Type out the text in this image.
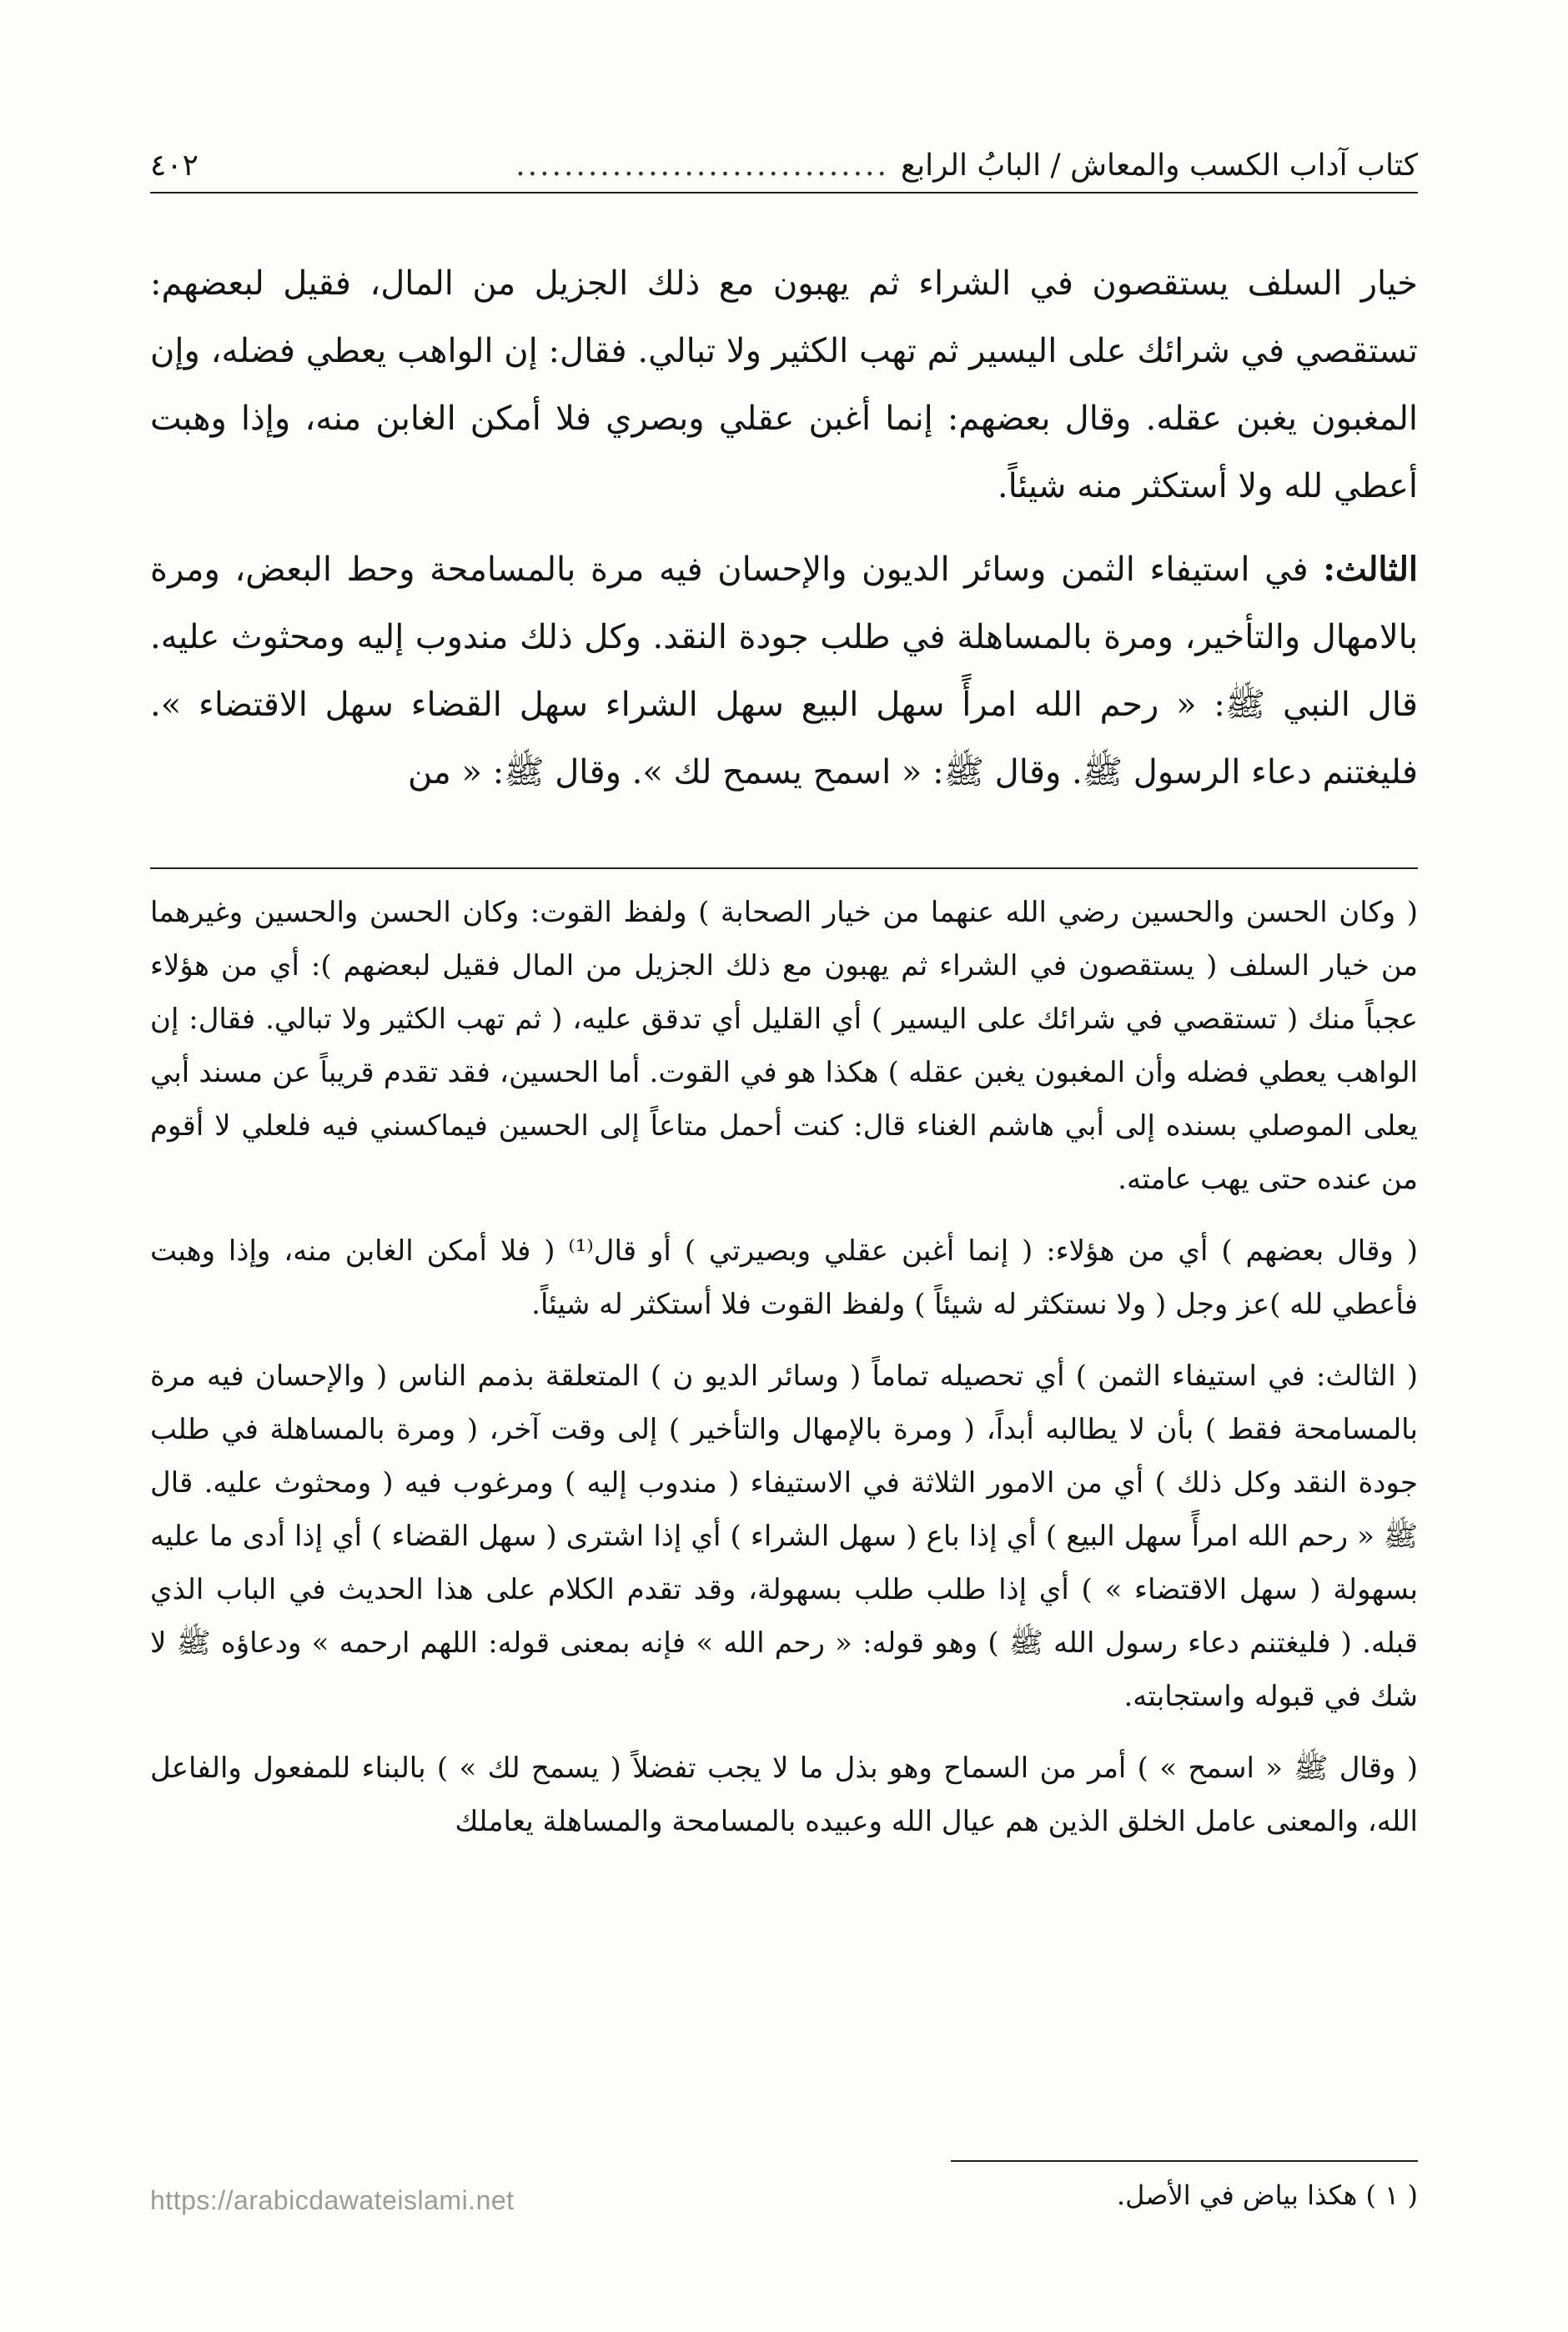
كتاب آداب الكسب والمعاش / البابُ الرابع
...............................
٤٠٢

خيار السلف يستقصون في الشراء ثم يهبون مع ذلك الجزيل من المال، فقيل لبعضهم: تستقصي في شرائك على اليسير ثم تهب الكثير ولا تبالي. فقال: إن الواهب يعطي فضله، وإن المغبون يغبن عقله. وقال بعضهم: إنما أغبن عقلي وبصري فلا أمكن الغابن منه، وإذا وهبت أعطي لله ولا أستكثر منه شيئاً.

الثالث: في استيفاء الثمن وسائر الديون والإحسان فيه مرة بالمسامحة وحط البعض، ومرة بالامهال والتأخير، ومرة بالمساهلة في طلب جودة النقد. وكل ذلك مندوب إليه ومحثوث عليه. قال النبي ﷺ: « رحم الله امرأً سهل البيع سهل الشراء سهل القضاء سهل الاقتضاء ». فليغتنم دعاء الرسول ﷺ. وقال ﷺ: « اسمح يسمح لك ». وقال ﷺ: « من

( وكان الحسن والحسين رضي الله عنهما من خيار الصحابة ) ولفظ القوت: وكان الحسن والحسين وغيرهما من خيار السلف ( يستقصون في الشراء ثم يهبون مع ذلك الجزيل من المال فقيل لبعضهم ): أي من هؤلاء عجباً منك ( تستقصي في شرائك على اليسير ) أي القليل أي تدقق عليه، ( ثم تهب الكثير ولا تبالي. فقال: إن الواهب يعطي فضله وأن المغبون يغبن عقله ) هكذا هو في القوت. أما الحسين، فقد تقدم قريباً عن مسند أبي يعلى الموصلي بسنده إلى أبي هاشم الغناء قال: كنت أحمل متاعاً إلى الحسين فيماكسني فيه فلعلي لا أقوم من عنده حتى يهب عامته.

( وقال بعضهم ) أي من هؤلاء: ( إنما أغبن عقلي وبصيرتي ) أو قال⁽¹⁾ ( فلا أمكن الغابن منه، وإذا وهبت فأعطي لله )عز وجل ( ولا نستكثر له شيئاً ) ولفظ القوت فلا أستكثر له شيئاً.

( الثالث: في استيفاء الثمن ) أي تحصيله تماماً ( وسائر الديو ن ) المتعلقة بذمم الناس ( والإحسان فيه مرة بالمسامحة فقط ) بأن لا يطالبه أبداً، ( ومرة بالإمهال والتأخير ) إلى وقت آخر، ( ومرة بالمساهلة في طلب جودة النقد وكل ذلك ) أي من الامور الثلاثة في الاستيفاء ( مندوب إليه ) ومرغوب فيه ( ومحثوث عليه. قال ﷺ « رحم الله امرأً سهل البيع ) أي إذا باع ( سهل الشراء ) أي إذا اشترى ( سهل القضاء ) أي إذا أدى ما عليه بسهولة ( سهل الاقتضاء » ) أي إذا طلب طلب بسهولة، وقد تقدم الكلام على هذا الحديث في الباب الذي قبله. ( فليغتنم دعاء رسول الله ﷺ ) وهو قوله: « رحم الله » فإنه بمعنى قوله: اللهم ارحمه » ودعاؤه ﷺ لا شك في قبوله واستجابته.

( وقال ﷺ « اسمح » ) أمر من السماح وهو بذل ما لا يجب تفضلاً ( يسمح لك » ) بالبناء للمفعول والفاعل الله، والمعنى عامل الخلق الذين هم عيال الله وعبيده بالمسامحة والمساهلة يعاملك

( ١ ) هكذا بياض في الأصل.
https://arabicdawateislami.net
